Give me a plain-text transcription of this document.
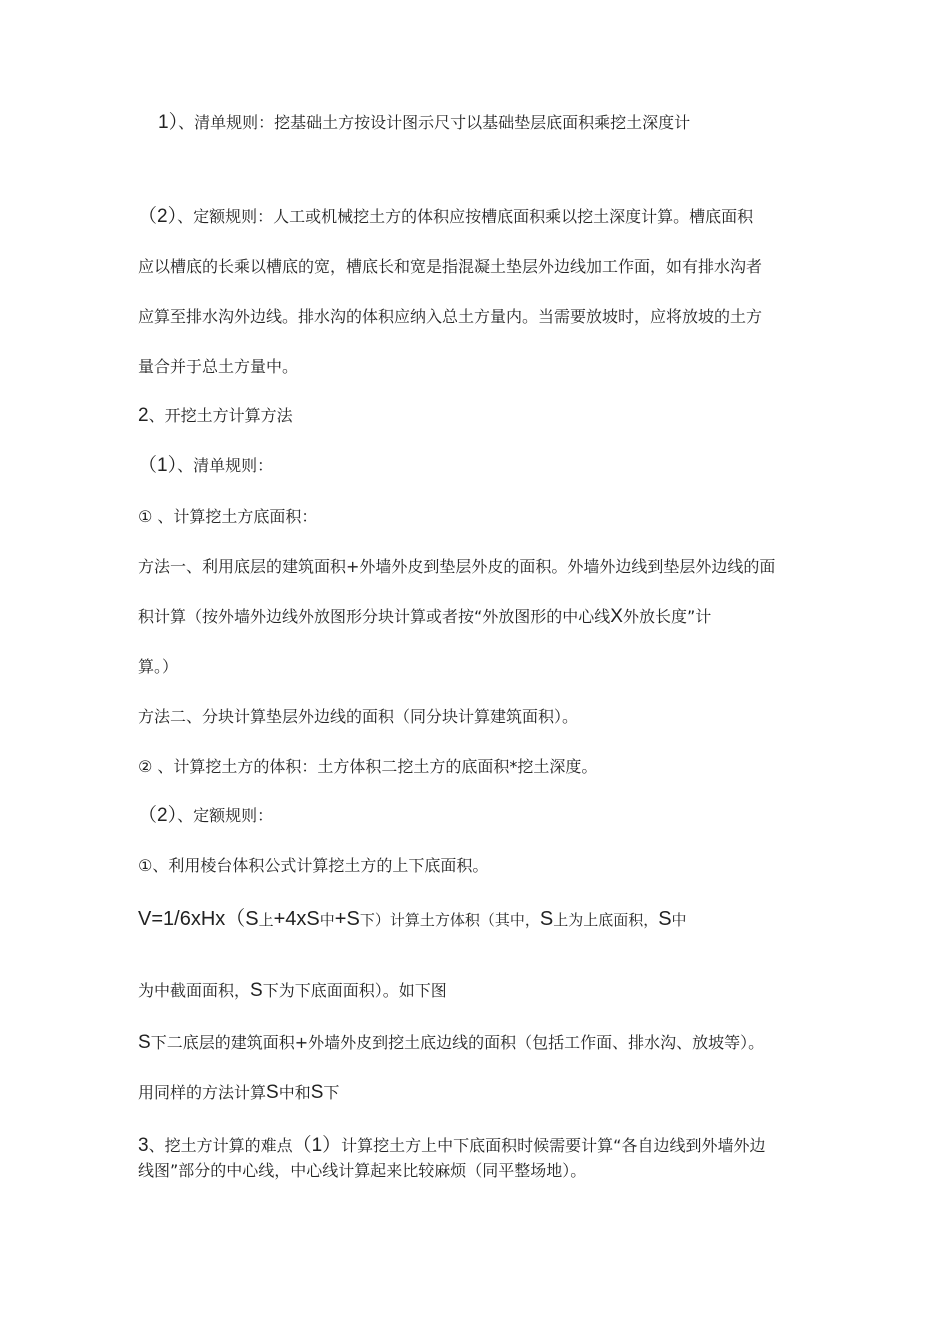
1）、清单规则：挖基础土方按设计图示尺寸以基础垫层底面积乘挖土深度计
（2）、定额规则：人工或机械挖土方的体积应按槽底面积乘以挖土深度计算。槽底面积
应以槽底的长乘以槽底的宽，槽底长和宽是指混凝土垫层外边线加工作面，如有排水沟者
应算至排水沟外边线。排水沟的体积应纳入总土方量内。当需要放坡时，应将放坡的土方
量合并于总土方量中。
2、开挖土方计算方法
（1）、清单规则：
① 、计算挖土方底面积：
方法一、利用底层的建筑面积+外墙外皮到垫层外皮的面积。外墙外边线到垫层外边线的面
积计算（按外墙外边线外放图形分块计算或者按“外放图形的中心线X外放长度”计
算。）
方法二、分块计算垫层外边线的面积（同分块计算建筑面积）。
② 、计算挖土方的体积：土方体积二挖土方的底面积*挖土深度。
（2）、定额规则：
①、利用棱台体积公式计算挖土方的上下底面积。
V=1/6xHx（S上+4xS中+S下）计算土方体积（其中，S上为上底面积，S中
为中截面面积，S下为下底面面积）。如下图
S下二底层的建筑面积+外墙外皮到挖土底边线的面积（包括工作面、排水沟、放坡等）。
用同样的方法计算S中和S下
3、挖土方计算的难点（1）计算挖土方上中下底面积时候需要计算“各自边线到外墙外边
线图”部分的中心线，中心线计算起来比较麻烦（同平整场地）。
